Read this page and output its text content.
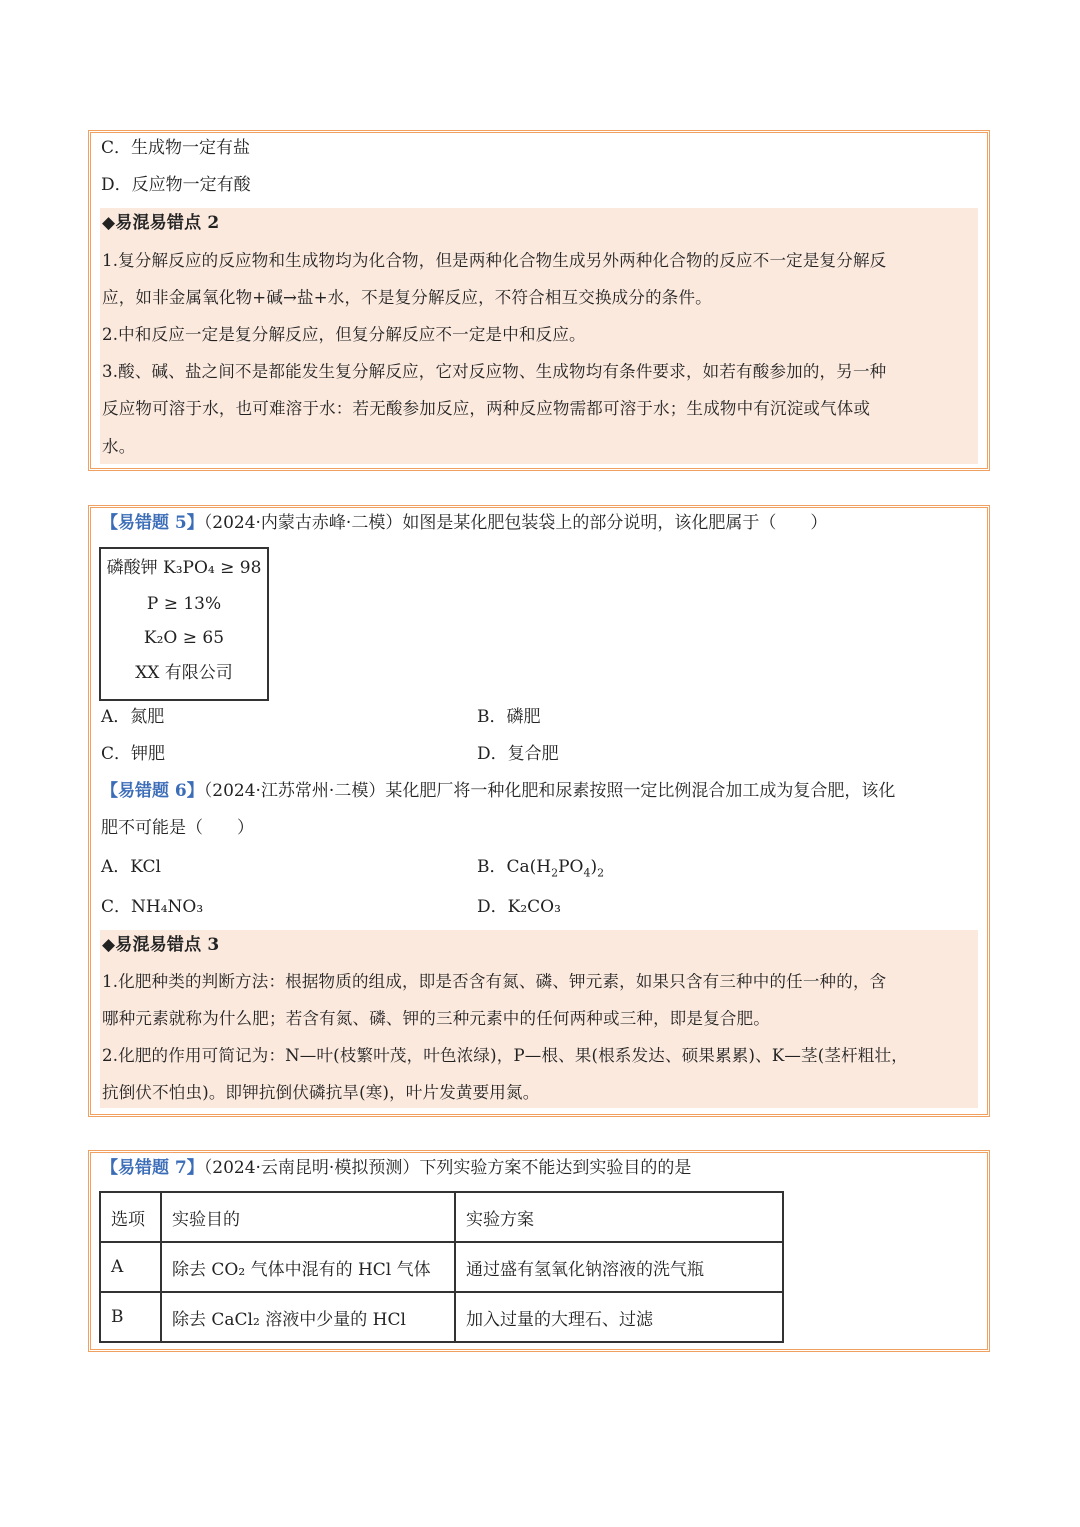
C．生成物一定有盐
D．反应物一定有酸
◆易混易错点 2
1.复分解反应的反应物和生成物均为化合物，但是两种化合物生成另外两种化合物的反应不一定是复分解反
应，如非金属氧化物+碱→盐+水，不是复分解反应，不符合相互交换成分的条件。
2.中和反应一定是复分解反应，但复分解反应不一定是中和反应。
3.酸、碱、盐之间不是都能发生复分解反应，它对反应物、生成物均有条件要求，如若有酸参加的，另一种
反应物可溶于水，也可难溶于水：若无酸参加反应，两种反应物需都可溶于水；生成物中有沉淀或气体或
水。
【易错题 5】（2024·内蒙古赤峰·二模）如图是某化肥包装袋上的部分说明，该化肥属于（　　）
磷酸钾 K₃PO₄ ≥ 98
P ≥ 13%
K₂O ≥ 65
XX 有限公司
A．氮肥	B．磷肥
C．钾肥	D．复合肥
【易错题 6】（2024·江苏常州·二模）某化肥厂将一种化肥和尿素按照一定比例混合加工成为复合肥，该化
肥不可能是（　　）
A．KCl	B．$Ca(H_2PO_4)_2$
C．NH₄NO₃	D．K₂CO₃
◆易混易错点 3
1.化肥种类的判断方法：根据物质的组成，即是否含有氮、磷、钾元素，如果只含有三种中的任一种的，含
哪种元素就称为什么肥；若含有氮、磷、钾的三种元素中的任何两种或三种，即是复合肥。
2.化肥的作用可简记为：N—叶(枝繁叶茂，叶色浓绿)，P—根、果(根系发达、硕果累累)、K—茎(茎杆粗壮，
抗倒伏不怕虫)。即钾抗倒伏磷抗旱(寒)，叶片发黄要用氮。
【易错题 7】（2024·云南昆明·模拟预测）下列实验方案不能达到实验目的的是
选项	实验目的	实验方案
A	除去 CO₂ 气体中混有的 HCl 气体	通过盛有氢氧化钠溶液的洗气瓶
B	除去 CaCl₂ 溶液中少量的 HCl	加入过量的大理石、过滤
